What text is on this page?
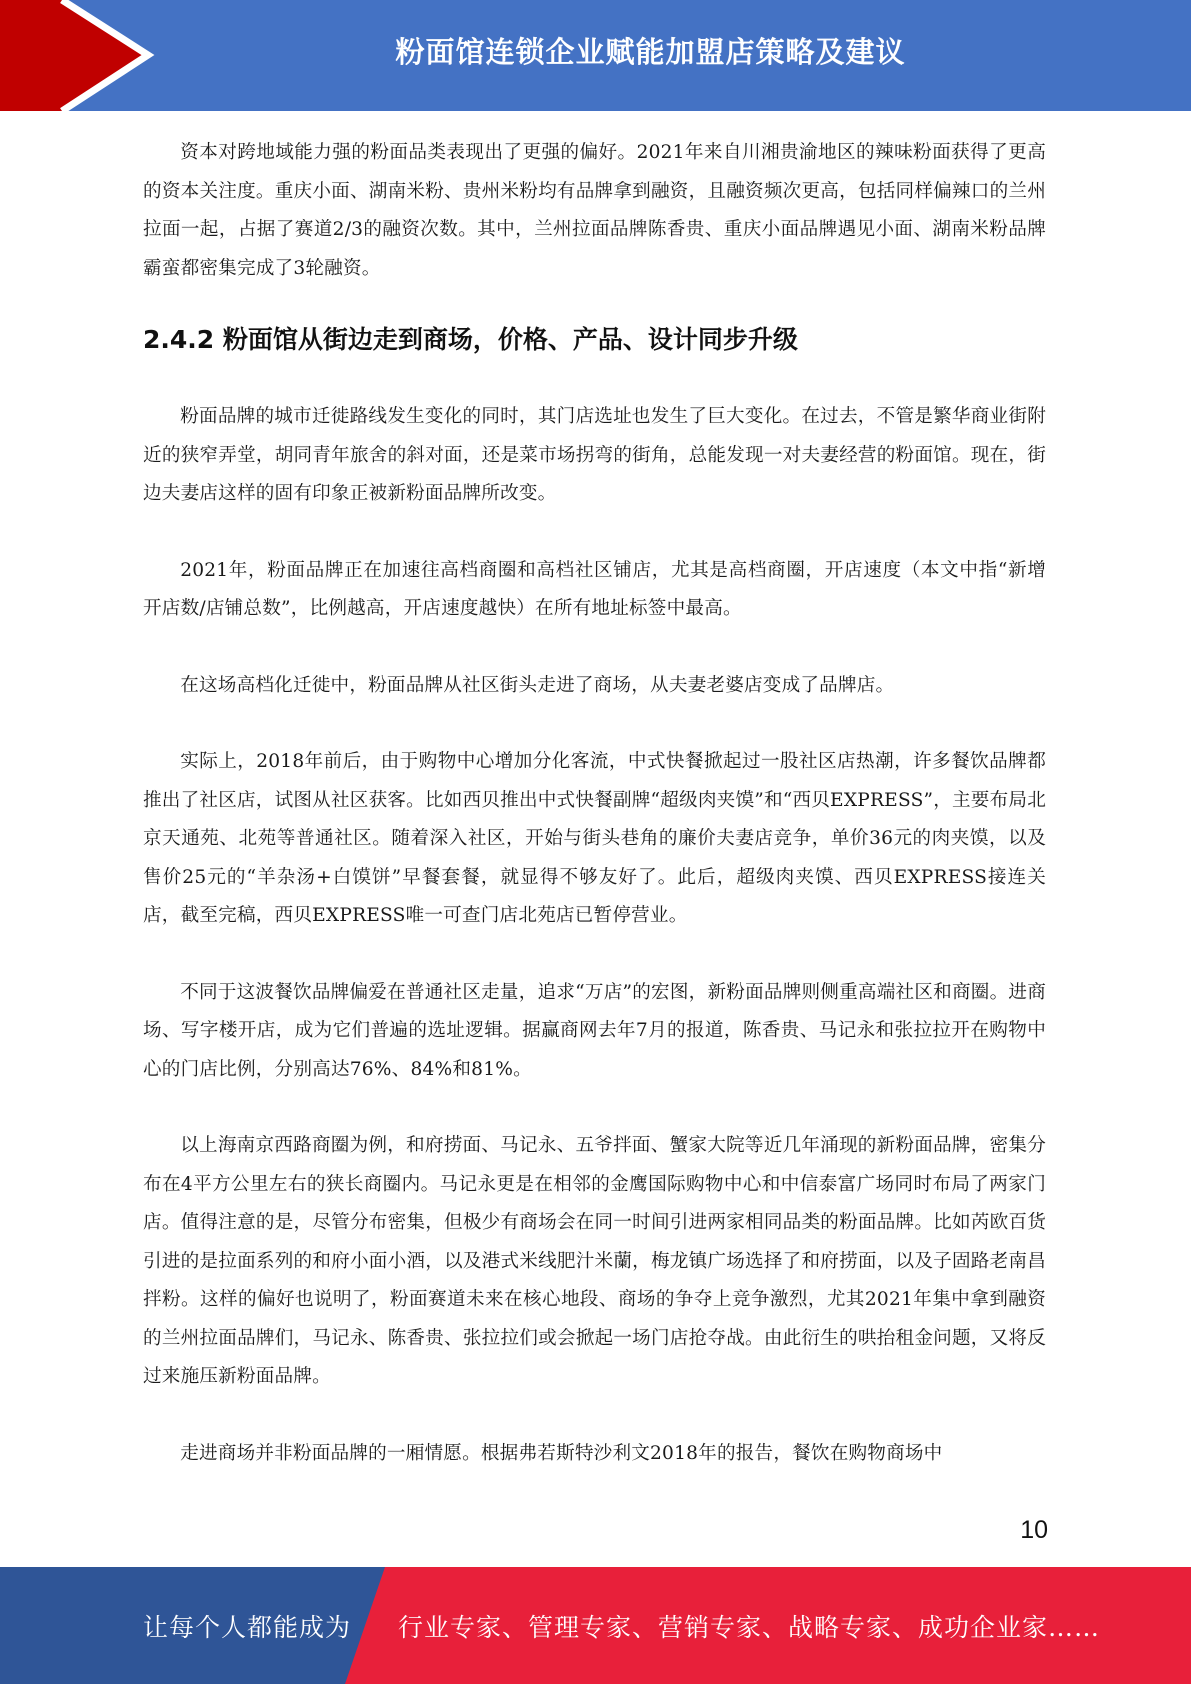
粉面馆连锁企业赋能加盟店策略及建议

资本对跨地域能力强的粉面品类表现出了更强的偏好。2021年来自川湘贵渝地区的辣味粉面获得了更高的资本关注度。重庆小面、湖南米粉、贵州米粉均有品牌拿到融资，且融资频次更高，包括同样偏辣口的兰州拉面一起，占据了赛道2/3的融资次数。其中，兰州拉面品牌陈香贵、重庆小面品牌遇见小面、湖南米粉品牌霸蛮都密集完成了3轮融资。

2.4.2 粉面馆从街边走到商场，价格、产品、设计同步升级

粉面品牌的城市迁徙路线发生变化的同时，其门店选址也发生了巨大变化。在过去，不管是繁华商业街附近的狭窄弄堂，胡同青年旅舍的斜对面，还是菜市场拐弯的街角，总能发现一对夫妻经营的粉面馆。现在，街边夫妻店这样的固有印象正被新粉面品牌所改变。

2021年，粉面品牌正在加速往高档商圈和高档社区铺店，尤其是高档商圈，开店速度（本文中指“新增开店数/店铺总数”，比例越高，开店速度越快）在所有地址标签中最高。

在这场高档化迁徙中，粉面品牌从社区街头走进了商场，从夫妻老婆店变成了品牌店。

实际上，2018年前后，由于购物中心增加分化客流，中式快餐掀起过一股社区店热潮，许多餐饮品牌都推出了社区店，试图从社区获客。比如西贝推出中式快餐副牌“超级肉夹馍”和“西贝EXPRESS”，主要布局北京天通苑、北苑等普通社区。随着深入社区，开始与街头巷角的廉价夫妻店竞争，单价36元的肉夹馍，以及售价25元的“羊杂汤+白馍饼”早餐套餐，就显得不够友好了。此后，超级肉夹馍、西贝EXPRESS接连关店，截至完稿，西贝EXPRESS唯一可查门店北苑店已暂停营业。

不同于这波餐饮品牌偏爱在普通社区走量，追求“万店”的宏图，新粉面品牌则侧重高端社区和商圈。进商场、写字楼开店，成为它们普遍的选址逻辑。据赢商网去年7月的报道，陈香贵、马记永和张拉拉开在购物中心的门店比例，分别高达76%、84%和81%。

以上海南京西路商圈为例，和府捞面、马记永、五爷拌面、蟹家大院等近几年涌现的新粉面品牌，密集分布在4平方公里左右的狭长商圈内。马记永更是在相邻的金鹰国际购物中心和中信泰富广场同时布局了两家门店。值得注意的是，尽管分布密集，但极少有商场会在同一时间引进两家相同品类的粉面品牌。比如芮欧百货引进的是拉面系列的和府小面小酒，以及港式米线肥汁米蘭，梅龙镇广场选择了和府捞面，以及子固路老南昌拌粉。这样的偏好也说明了，粉面赛道未来在核心地段、商场的争夺上竞争激烈，尤其2021年集中拿到融资的兰州拉面品牌们，马记永、陈香贵、张拉拉们或会掀起一场门店抢夺战。由此衍生的哄抬租金问题，又将反过来施压新粉面品牌。

走进商场并非粉面品牌的一厢情愿。根据弗若斯特沙利文2018年的报告，餐饮在购物商场中

10
让每个人都能成为 行业专家、管理专家、营销专家、战略专家、成功企业家……
